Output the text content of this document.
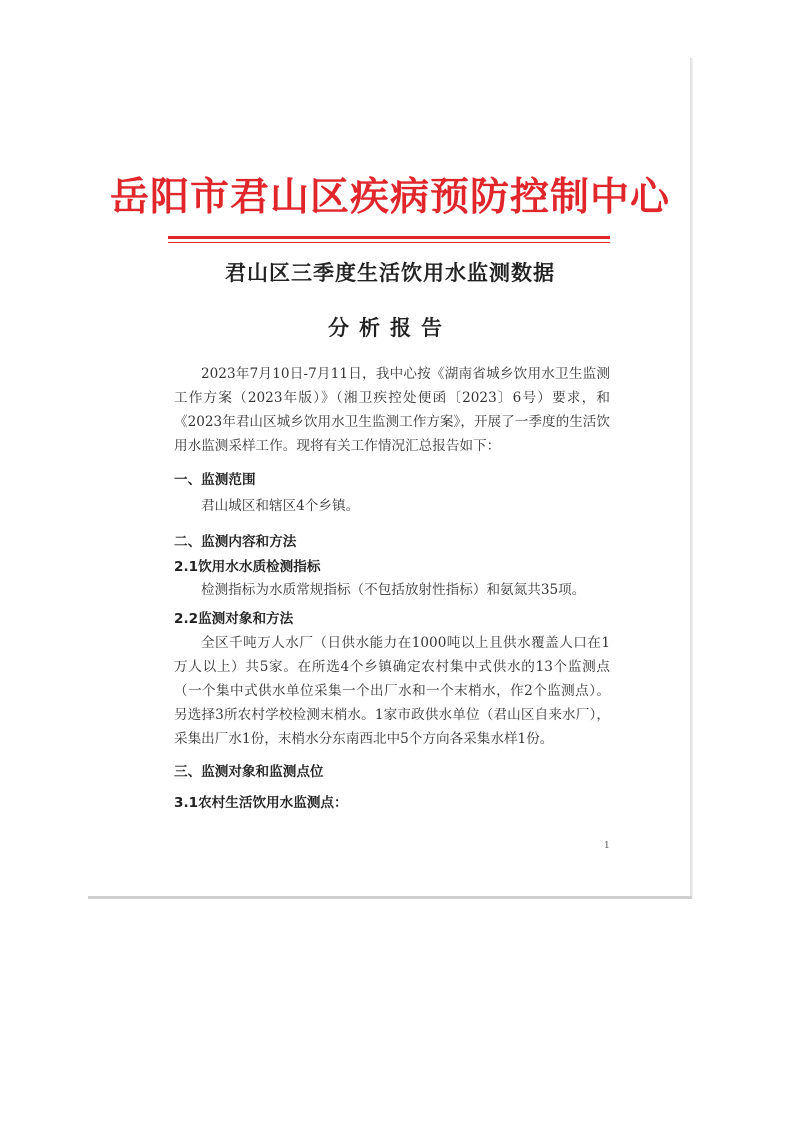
岳阳市君山区疾病预防控制中心
君山区三季度生活饮用水监测数据
分析报告
2023年7月10日-7月11日，我中心按《湖南省城乡饮用水卫生监测工作方案（2023年版）》（湘卫疾控处便函〔2023〕6号）要求，和《2023年君山区城乡饮用水卫生监测工作方案》，开展了一季度的生活饮用水监测采样工作。现将有关工作情况汇总报告如下：
一、监测范围
君山城区和辖区4个乡镇。
二、监测内容和方法
2.1饮用水水质检测指标
检测指标为水质常规指标（不包括放射性指标）和氨氮共35项。
2.2监测对象和方法
全区千吨万人水厂（日供水能力在1000吨以上且供水覆盖人口在1万人以上）共5家。在所选4个乡镇确定农村集中式供水的13个监测点（一个集中式供水单位采集一个出厂水和一个末梢水，作2个监测点）。另选择3所农村学校检测末梢水。1家市政供水单位（君山区自来水厂），采集出厂水1份，末梢水分东南西北中5个方向各采集水样1份。
三、监测对象和监测点位
3.1农村生活饮用水监测点：
1
